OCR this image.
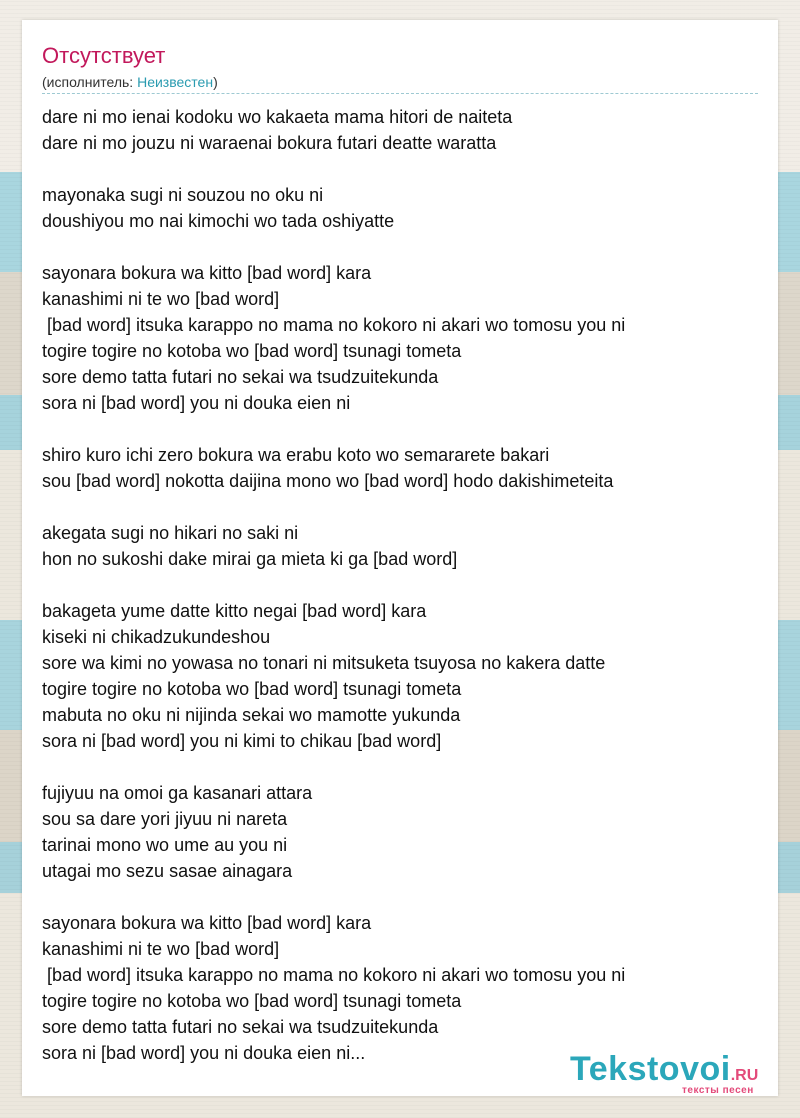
Отсутствует
(исполнитель: Неизвестен)
dare ni mo ienai kodoku wo kakaeta mama hitori de naiteta
dare ni mo jouzu ni waraenai bokura futari deatte waratta
mayonaka sugi ni souzou no oku ni
doushiyou mo nai kimochi wo tada oshiyatte
sayonara bokura wa kitto [bad word] kara
kanashimi ni te wo [bad word]
[bad word] itsuka karappo no mama no kokoro ni akari wo tomosu you ni
togire togire no kotoba wo [bad word] tsunagi tometa
sore demo tatta futari no sekai wa tsudzuitekunda
sora ni [bad word] you ni douka eien ni
shiro kuro ichi zero bokura wa erabu koto wo semararete bakari
sou [bad word] nokotta daijina mono wo [bad word] hodo dakishimeteita
akegata sugi no hikari no saki ni
hon no sukoshi dake mirai ga mieta ki ga [bad word]
bakageta yume datte kitto negai [bad word] kara
kiseki ni chikadzukundeshou
sore wa kimi no yowasa no tonari ni mitsuketa tsuyosa no kakera datte
togire togire no kotoba wo [bad word] tsunagi tometa
mabuta no oku ni nijinda sekai wo mamotte yukunda
sora ni [bad word] you ni kimi to chikau [bad word]
fujiyuu na omoi ga kasanari attara
sou sa dare yori jiyuu ni nareta
tarinai mono wo ume au you ni
utagai mo sezu sasae ainagara
sayonara bokura wa kitto [bad word] kara
kanashimi ni te wo [bad word]
[bad word] itsuka karappo no mama no kokoro ni akari wo tomosu you ni
togire togire no kotoba wo [bad word] tsunagi tometa
sore demo tatta futari no sekai wa tsudzuitekunda
sora ni [bad word] you ni douka eien ni...	Tekstovoi.RU
тексты песен
